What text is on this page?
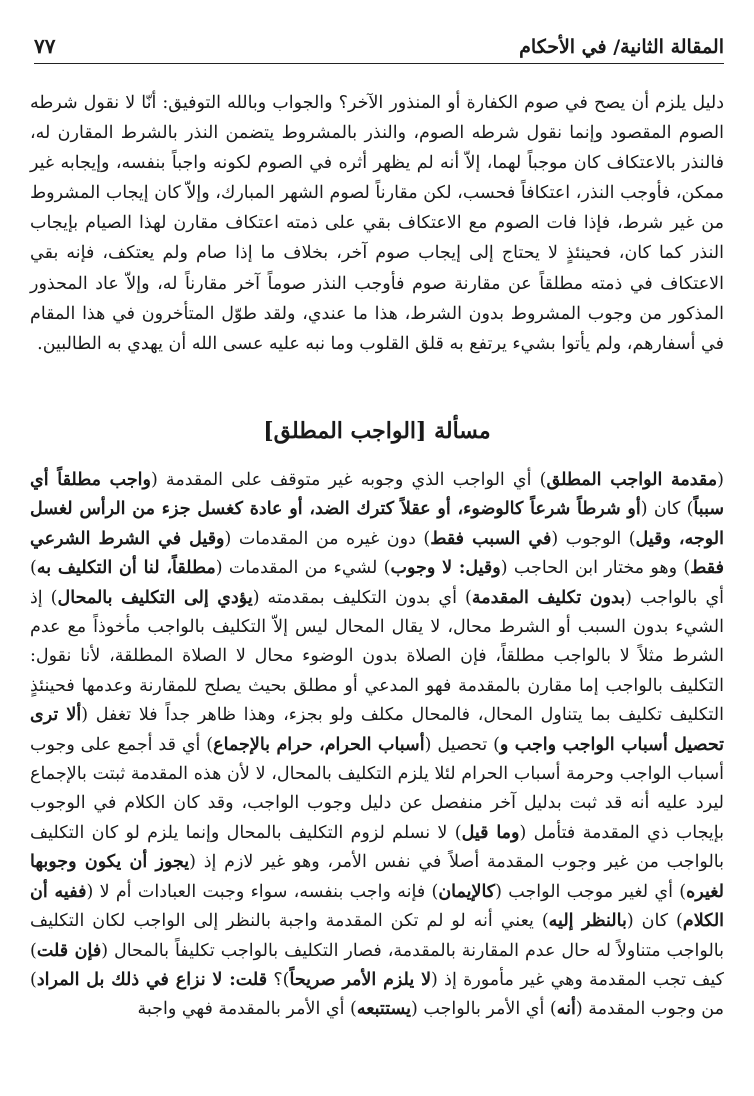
المقالة الثانية/ في الأحكام
٧٧

دليل يلزم أن يصح في صوم الكفارة أو المنذور الآخر؟ والجواب وبالله التوفيق: أنّا لا نقول شرطه الصوم المقصود وإنما نقول شرطه الصوم، والنذر بالمشروط يتضمن النذر بالشرط المقارن له، فالنذر بالاعتكاف كان موجباً لهما، إلاّ أنه لم يظهر أثره في الصوم لكونه واجباً بنفسه، وإيجابه غير ممكن، فأوجب النذر، اعتكافاً فحسب، لكن مقارناً لصوم الشهر المبارك، وإلاّ كان إيجاب المشروط من غير شرط، فإذا فات الصوم مع الاعتكاف بقي على ذمته اعتكاف مقارن لهذا الصيام بإيجاب النذر كما كان، فحينئذٍ لا يحتاج إلى إيجاب صوم آخر، بخلاف ما إذا صام ولم يعتكف، فإنه بقي الاعتكاف في ذمته مطلقاً عن مقارنة صوم فأوجب النذر صوماً آخر مقارناً له، وإلاّ عاد المحذور المذكور من وجوب المشروط بدون الشرط، هذا ما عندي، ولقد طوّل المتأخرون في هذا المقام في أسفارهم، ولم يأتوا بشيء يرتفع به قلق القلوب وما نبه عليه عسى الله أن يهدي به الطالبين.

مسألة [الواجب المطلق]

(مقدمة الواجب المطلق) أي الواجب الذي وجوبه غير متوقف على المقدمة (واجب مطلقاً أي سبباً) كان (أو شرطاً شرعاً كالوضوء، أو عقلاً كترك الضد، أو عادة كغسل جزء من الرأس لغسل الوجه، وقيل) الوجوب (في السبب فقط) دون غيره من المقدمات (وقيل في الشرط الشرعي فقط) وهو مختار ابن الحاجب (وقيل: لا وجوب) لشيء من المقدمات (مطلقاً، لنا أن التكليف به) أي بالواجب (بدون تكليف المقدمة) أي بدون التكليف بمقدمته (يؤدي إلى التكليف بالمحال) إذ الشيء بدون السبب أو الشرط محال، لا يقال المحال ليس إلاّ التكليف بالواجب مأخوذاً مع عدم الشرط مثلاً لا بالواجب مطلقاً، فإن الصلاة بدون الوضوء محال لا الصلاة المطلقة، لأنا نقول: التكليف بالواجب إما مقارن بالمقدمة فهو المدعي أو مطلق بحيث يصلح للمقارنة وعدمها فحينئذٍ التكليف تكليف بما يتناول المحال، فالمحال مكلف ولو بجزء، وهذا ظاهر جداً فلا تغفل (ألا ترى تحصيل أسباب الواجب واجب و) تحصيل (أسباب الحرام، حرام بالإجماع) أي قد أجمع على وجوب أسباب الواجب وحرمة أسباب الحرام لئلا يلزم التكليف بالمحال، لا لأن هذه المقدمة ثبتت بالإجماع ليرد عليه أنه قد ثبت بدليل آخر منفصل عن دليل وجوب الواجب، وقد كان الكلام في الوجوب بإيجاب ذي المقدمة فتأمل (وما قيل) لا نسلم لزوم التكليف بالمحال وإنما يلزم لو كان التكليف بالواجب من غير وجوب المقدمة أصلاً في نفس الأمر، وهو غير لازم إذ (يجوز أن يكون وجوبها لغيره) أي لغير موجب الواجب (كالإيمان) فإنه واجب بنفسه، سواء وجبت العبادات أم لا (ففيه أن الكلام) كان (بالنظر إليه) يعني أنه لو لم تكن المقدمة واجبة بالنظر إلى الواجب لكان التكليف بالواجب متناولاً له حال عدم المقارنة بالمقدمة، فصار التكليف بالواجب تكليفاً بالمحال (فإن قلت) كيف تجب المقدمة وهي غير مأمورة إذ (لا يلزم الأمر صريحاً)؟ قلت: لا نزاع في ذلك بل المراد) من وجوب المقدمة (أنه) أي الأمر بالواجب (يستتبعه) أي الأمر بالمقدمة فهي واجبة
